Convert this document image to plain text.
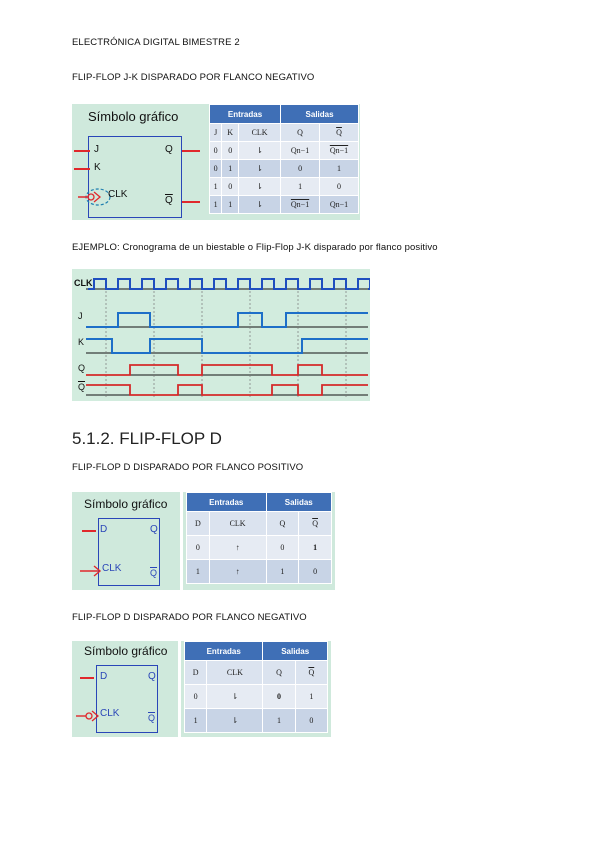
ELECTRÓNICA DIGITAL BIMESTRE 2
FLIP-FLOP J-K DISPARADO POR FLANCO NEGATIVO
Símbolo gráfico
J
K
CLK
Q
$\overline{Q}$
Entradas			Salidas	
J	K	CLK	Q	$\overline{Q}$
0	0	⇂	Qn−1	Qn−1
0	1	⇂	0	1
1	0	⇂	1	0
1	1	⇂	Qn−1	Qn−1
EJEMPLO: Cronograma de un biestable o Flip-Flop J-K disparado por flanco positivo
CLK
J
K
Q
$\overline{Q}$
5.1.2. FLIP-FLOP D
FLIP-FLOP D DISPARADO POR FLANCO POSITIVO
Símbolo gráfico
D
CLK
Q
$\overline{Q}$
Entradas		Salidas	
D	CLK	Q	$\overline{Q}$
0	↑	0	1
1	↑	1	0
FLIP-FLOP D DISPARADO POR FLANCO NEGATIVO
Símbolo gráfico
D
CLK
Q
$\overline{Q}$
Entradas		Salidas	
D	CLK	Q	$\overline{Q}$
0	⇂	0	1
1	⇂	1	0
